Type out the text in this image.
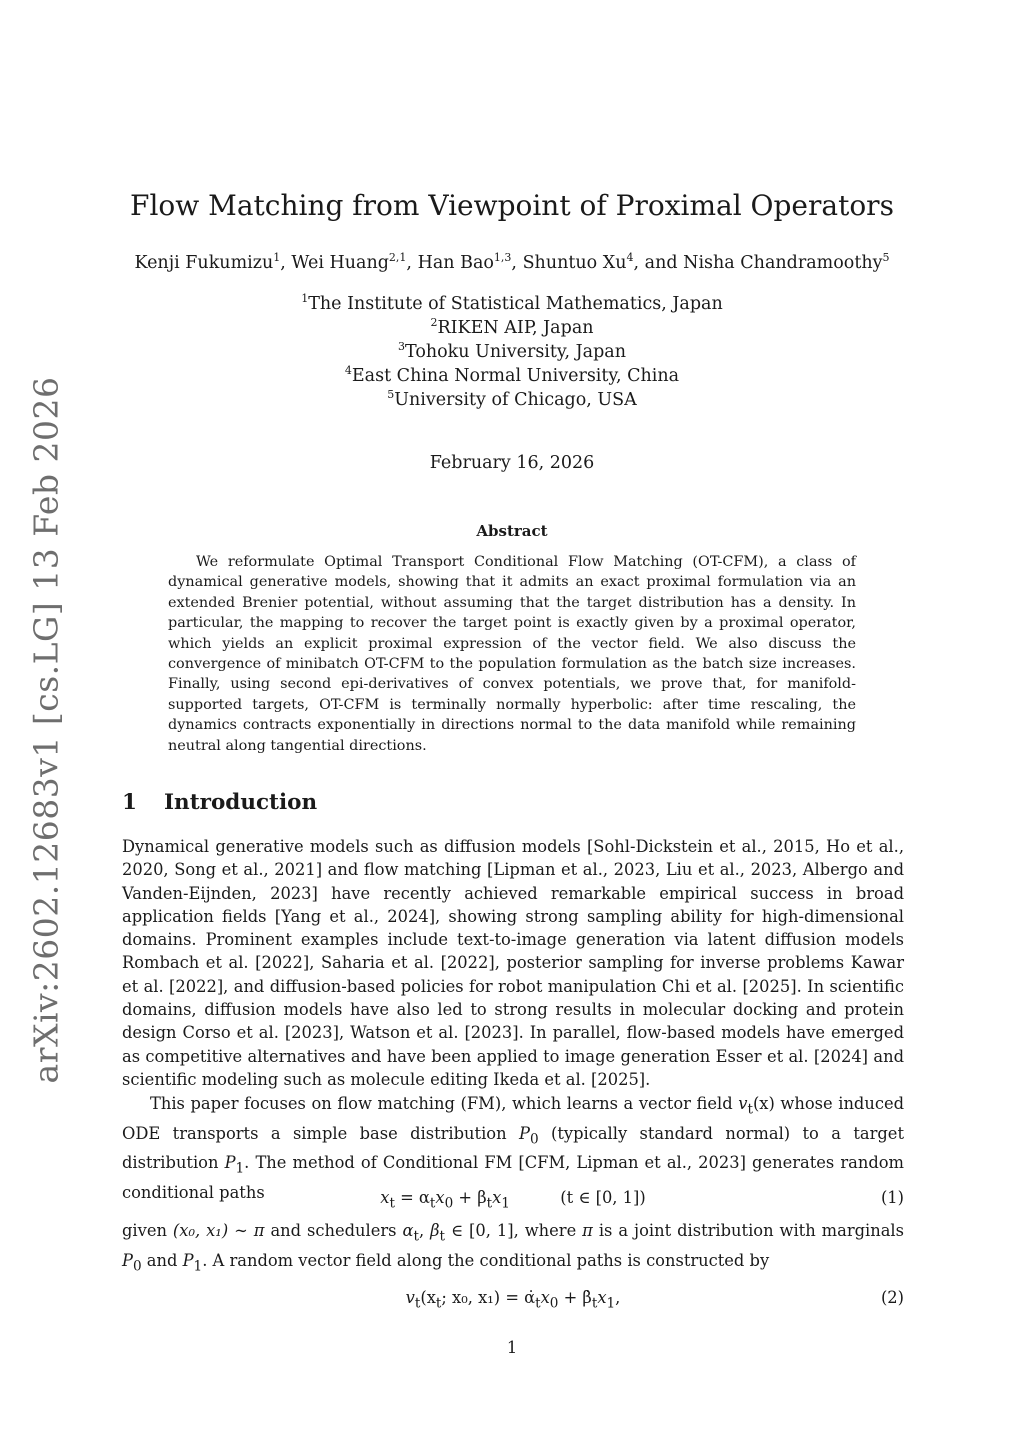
arXiv:2602.12683v1 [cs.LG] 13 Feb 2026
Flow Matching from Viewpoint of Proximal Operators
Kenji Fukumizu$^1$, Wei Huang$^{2,1}$, Han Bao$^{1,3}$, Shuntuo Xu$^4$, and Nisha Chandramoothy$^5$
$^1$The Institute of Statistical Mathematics, Japan
$^2$RIKEN AIP, Japan
$^3$Tohoku University, Japan
$^4$East China Normal University, China
$^5$University of Chicago, USA
February 16, 2026
Abstract
We reformulate Optimal Transport Conditional Flow Matching (OT-CFM), a class of dynamical generative models, showing that it admits an exact proximal formulation via an extended Brenier potential, without assuming that the target distribution has a density. In particular, the mapping to recover the target point is exactly given by a proximal operator, which yields an explicit proximal expression of the vector field. We also discuss the convergence of minibatch OT-CFM to the population formulation as the batch size increases. Finally, using second epi-derivatives of convex potentials, we prove that, for manifold-supported targets, OT-CFM is terminally normally hyperbolic: after time rescaling, the dynamics contracts exponentially in directions normal to the data manifold while remaining neutral along tangential directions.
1 Introduction
Dynamical generative models such as diffusion models [Sohl-Dickstein et al., 2015, Ho et al., 2020, Song et al., 2021] and flow matching [Lipman et al., 2023, Liu et al., 2023, Albergo and Vanden-Eijnden, 2023] have recently achieved remarkable empirical success in broad application fields [Yang et al., 2024], showing strong sampling ability for high-dimensional domains. Prominent examples include text-to-image generation via latent diffusion models Rombach et al. [2022], Saharia et al. [2022], posterior sampling for inverse problems Kawar et al. [2022], and diffusion-based policies for robot manipulation Chi et al. [2025]. In scientific domains, diffusion models have also led to strong results in molecular docking and protein design Corso et al. [2023], Watson et al. [2023]. In parallel, flow-based models have emerged as competitive alternatives and have been applied to image generation Esser et al. [2024] and scientific modeling such as molecule editing Ikeda et al. [2025].
This paper focuses on flow matching (FM), which learns a vector field $v_t(x)$ whose induced ODE transports a simple base distribution $P_0$ (typically standard normal) to a target distribution $P_1$. The method of Conditional FM [CFM, Lipman et al., 2023] generates random conditional paths	$x_t = \alpha_tx_0 + \beta_tx_1$	(t ∈ [0, 1])	(1)
given (x₀, x₁) ∼ π and schedulers $\alpha_t$, $\beta_t$ ∈ [0, 1], where π is a joint distribution with marginals $P_0$ and $P_1$. A random vector field along the conditional paths is constructed by
$v_t(x_t$; x₀, $x_1) = \alphȧ_tx_0$ + $\betȧ_tx_1$,	(2)
1
